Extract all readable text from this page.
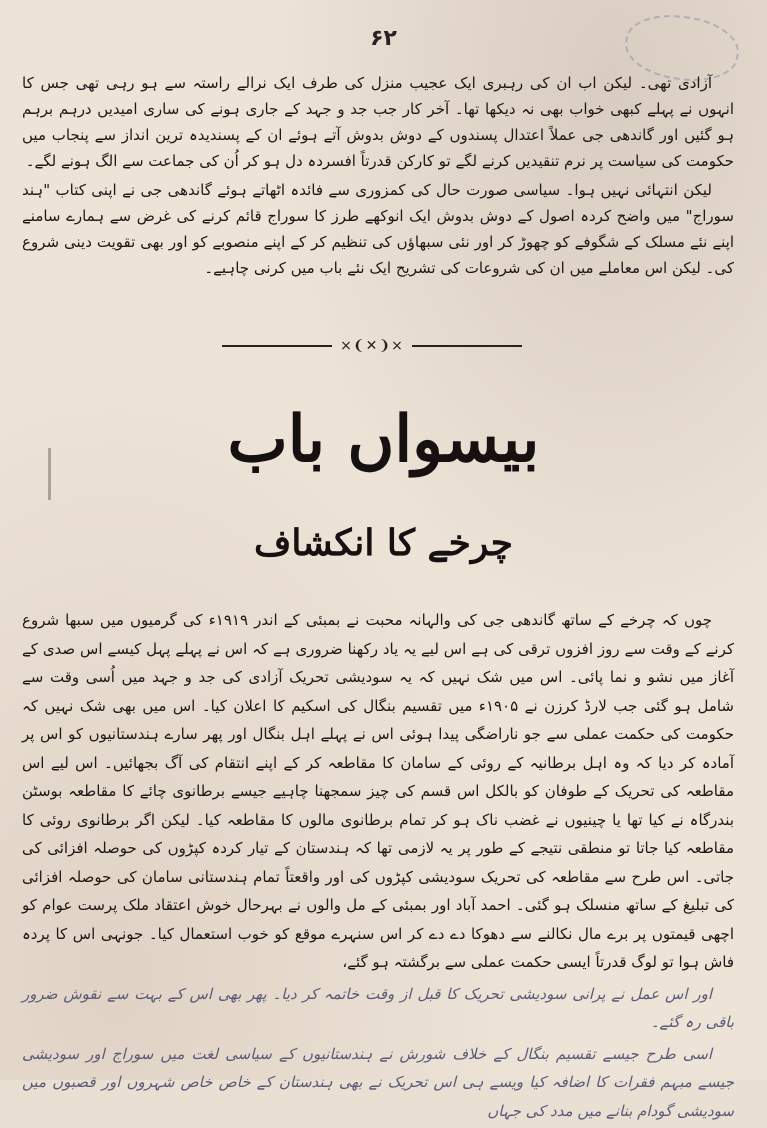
۶۲

آزادی تھی۔ لیکن اب ان کی رہبری ایک عجیب منزل کی طرف ایک نرالے راستہ سے ہو رہی تھی جس کا انہوں نے پہلے کبھی خواب بھی نہ دیکھا تھا۔ آخر کار جب جد و جہد کے جاری ہونے کی ساری امیدیں درہم برہم ہو گئیں اور گاندھی جی عملاً اعتدال پسندوں کے دوش بدوش آتے ہوئے ان کے پسندیدہ ترین انداز سے پنجاب میں حکومت کی سیاست پر نرم تنقیدیں کرنے لگے تو کارکن قدرتاً افسردہ دل ہو کر اُن کی جماعت سے الگ ہونے لگے۔

لیکن انتہائی نہیں ہوا۔ سیاسی صورت حال کی کمزوری سے فائدہ اٹھاتے ہوئے گاندھی جی نے اپنی کتاب "ہند سوراج" میں واضح کردہ اصول کے دوش بدوش ایک انوکھے طرز کا سوراج قائم کرنے کی غرض سے ہمارے سامنے اپنے نئے مسلک کے شگوفے کو چھوڑ کر اور نئی سبھاؤں کی تنظیم کر کے اپنے منصوبے کو اور بھی تقویت دینی شروع کی۔ لیکن اس معاملے میں ان کی شروعات کی تشریح ایک نئے باب میں کرنی چاہیے۔

×❨✕❩×
بیسواں باب
چرخے کا انکشاف

چوں کہ چرخے کے ساتھ گاندھی جی کی والہانہ محبت نے بمبئی کے اندر ۱۹۱۹ء کی گرمیوں میں سبھا شروع کرنے کے وقت سے روز افزوں ترقی کی ہے اس لیے یہ یاد رکھنا ضروری ہے کہ اس نے پہلے پہل کیسے اس صدی کے آغاز میں نشو و نما پائی۔ اس میں شک نہیں کہ یہ سودیشی تحریک آزادی کی جد و جہد میں اُسی وقت سے شامل ہو گئی جب لارڈ کرزن نے ۱۹۰۵ء میں تقسیم بنگال کی اسکیم کا اعلان کیا۔ اس میں بھی شک نہیں کہ حکومت کی حکمت عملی سے جو ناراضگی پیدا ہوئی اس نے پہلے اہل بنگال اور پھر سارے ہندستانیوں کو اس پر آمادہ کر دیا کہ وہ اہل برطانیہ کے روئی کے سامان کا مقاطعہ کر کے اپنے انتقام کی آگ بجھائیں۔ اس لیے اس مقاطعہ کی تحریک کے طوفان کو بالکل اس قسم کی چیز سمجھنا چاہیے جیسے برطانوی چائے کا مقاطعہ بوسٹن بندرگاہ نے کیا تھا یا چینیوں نے غضب ناک ہو کر تمام برطانوی مالوں کا مقاطعہ کیا۔ لیکن اگر برطانوی روئی کا مقاطعہ کیا جاتا تو منطقی نتیجے کے طور پر یہ لازمی تھا کہ ہندستان کے تیار کردہ کپڑوں کی حوصلہ افزائی کی جاتی۔ اس طرح سے مقاطعہ کی تحریک سودیشی کپڑوں کی اور واقعتاً تمام ہندستانی سامان کی حوصلہ افزائی کی تبلیغ کے ساتھ منسلک ہو گئی۔ احمد آباد اور بمبئی کے مل والوں نے بہرحال خوش اعتقاد ملک پرست عوام کو اچھی قیمتوں پر برے مال نکالنے سے دھوکا دے دے کر اس سنہرے موقع کو خوب استعمال کیا۔ جونہی اس کا پردہ فاش ہوا تو لوگ قدرتاً ایسی حکمت عملی سے برگشتہ ہو گئے،

اور اس عمل نے پرانی سودیشی تحریک کا قبل از وقت خاتمہ کر دیا۔ پھر بھی اس کے بہت سے نقوش ضرور باقی رہ گئے۔

اسی طرح جیسے تقسیم بنگال کے خلاف شورش نے ہندستانیوں کے سیاسی لغت میں سوراج اور سودیشی جیسے مبہم فقرات کا اضافہ کیا ویسے ہی اس تحریک نے بھی ہندستان کے خاص خاص شہروں اور قصبوں میں سودیشی گودام بنانے میں مدد کی جہاں
